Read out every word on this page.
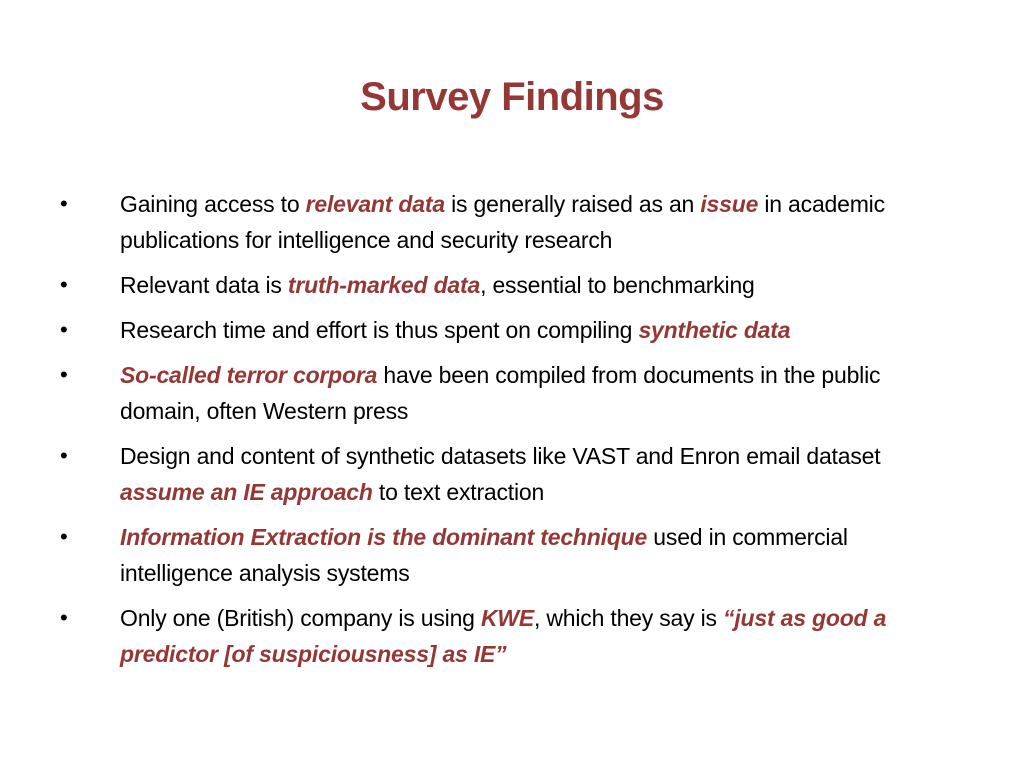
Survey Findings
•	Gaining access to relevant data is generally raised as an issue in academic publications for intelligence and security research
•	Relevant data is truth-marked data, essential to benchmarking
•	Research time and effort is thus spent on compiling synthetic data
•	So-called terror corpora have been compiled from documents in the public domain, often Western press
•	Design and content of synthetic datasets like VAST and Enron email dataset assume an IE approach to text extraction
•	Information Extraction is the dominant technique used in commercial intelligence analysis systems
•	Only one (British) company is using KWE, which they say is “just as good a predictor [of suspiciousness] as IE”
